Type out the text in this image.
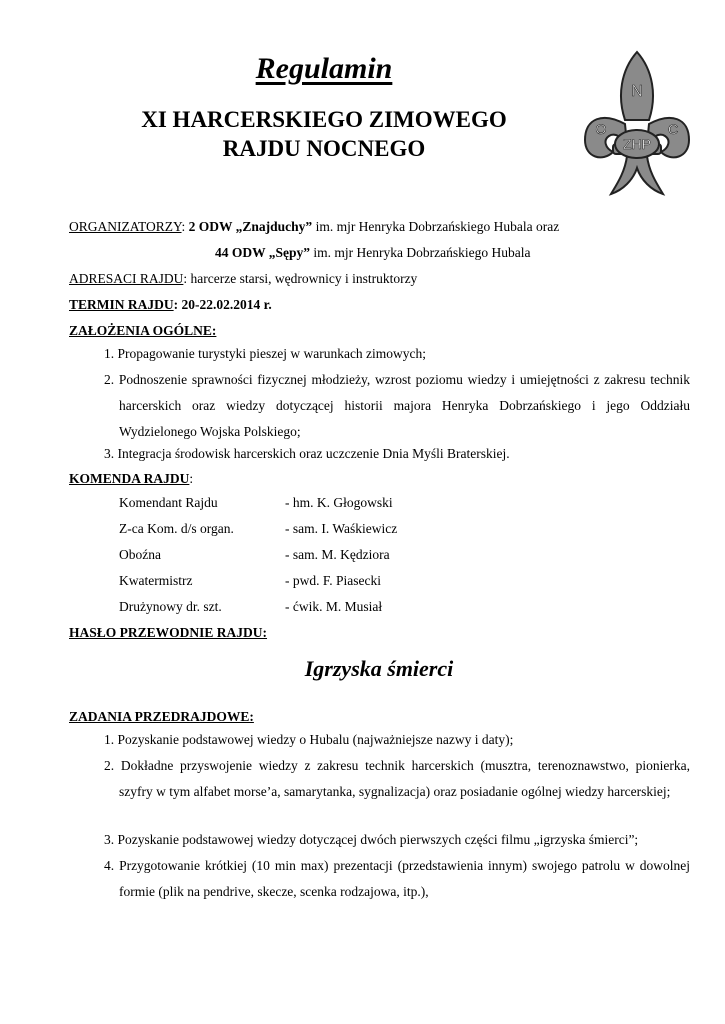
Regulamin
XI HARCERSKIEGO ZIMOWEGO
RAJDU NOCNEGO	ZHP
N
O	C
ORGANIZATORZY: 2 ODW „Znajduchy” im. mjr Henryka Dobrzańskiego Hubala oraz
44 ODW „Sępy” im. mjr Henryka Dobrzańskiego Hubala
ADRESACI RAJDU: harcerze starsi, wędrownicy i instruktorzy
TERMIN RAJDU: 20-22.02.2014 r.
ZAŁOŻENIA OGÓLNE:
1. Propagowanie turystyki pieszej w warunkach zimowych;
2. Podnoszenie sprawności fizycznej młodzieży, wzrost poziomu wiedzy i umiejętności z zakresu technik harcerskich oraz wiedzy dotyczącej historii majora Henryka Dobrzańskiego i jego Oddziału Wydzielonego Wojska Polskiego;
3. Integracja środowisk harcerskich oraz uczczenie Dnia Myśli Braterskiej.
KOMENDA RAJDU:
Komendant Rajdu	- hm. K. Głogowski
Z-ca Kom. d/s organ.	- sam. I. Waśkiewicz
Oboźna	- sam. M. Kędziora
Kwatermistrz	- pwd. F. Piasecki
Drużynowy dr. szt.	- ćwik. M. Musiał
HASŁO PRZEWODNIE RAJDU:
Igrzyska śmierci
ZADANIA PRZEDRAJDOWE:
1. Pozyskanie podstawowej wiedzy o Hubalu (najważniejsze nazwy i daty);
2. Dokładne przyswojenie wiedzy z zakresu technik harcerskich (musztra, terenoznawstwo, pionierka, szyfry w tym alfabet morse’a, samarytanka, sygnalizacja) oraz posiadanie ogólnej wiedzy harcerskiej;
3. Pozyskanie podstawowej wiedzy dotyczącej dwóch pierwszych części filmu „igrzyska śmierci”;
4. Przygotowanie krótkiej (10 min max) prezentacji (przedstawienia innym) swojego patrolu w dowolnej formie (plik na pendrive, skecze, scenka rodzajowa, itp.),
